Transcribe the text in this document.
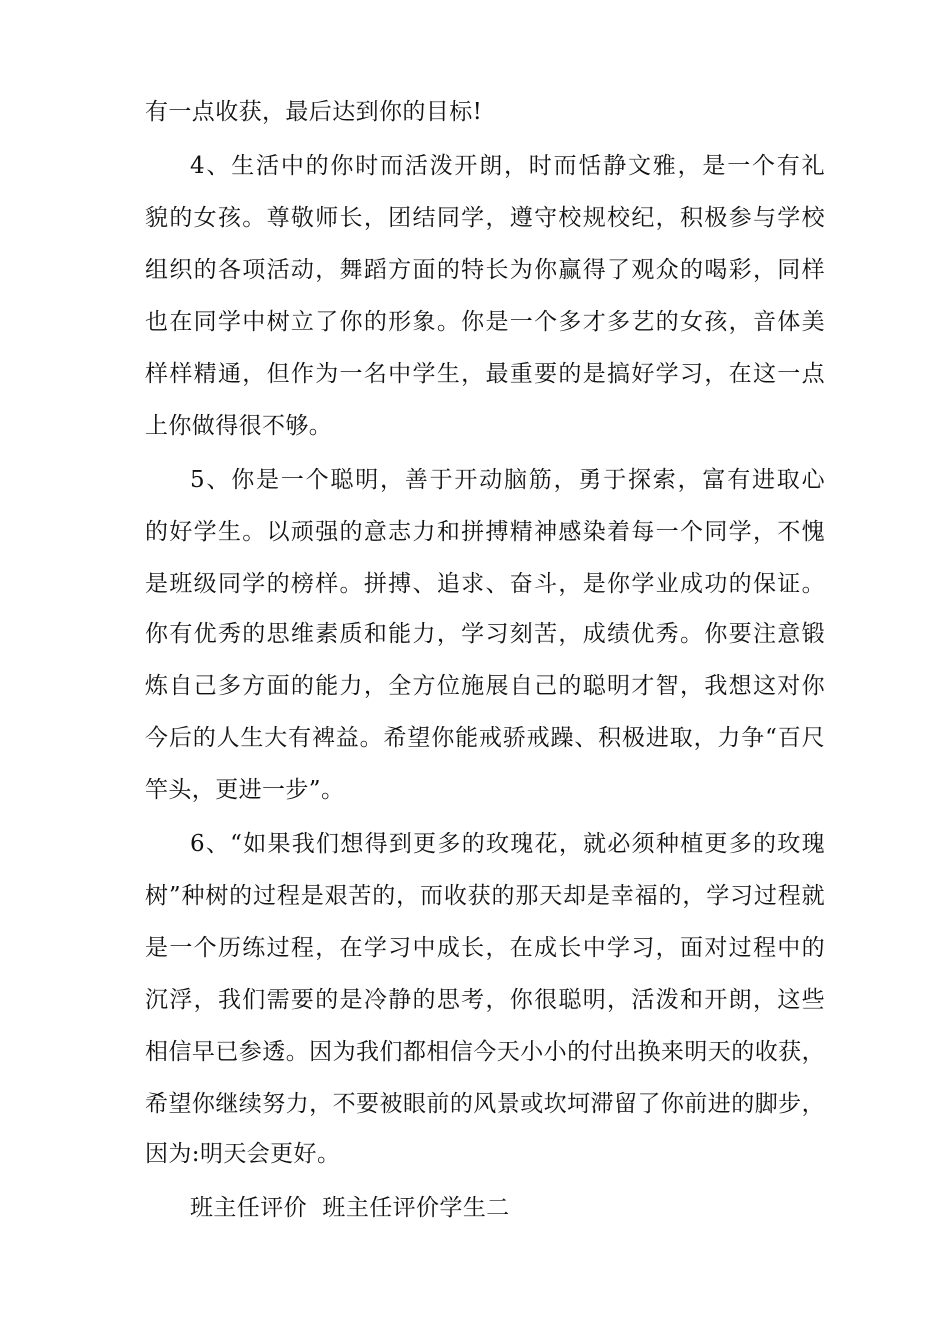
有一点收获，最后达到你的目标!
4、生活中的你时而活泼开朗，时而恬静文雅，是一个有礼
貌的女孩。尊敬师长，团结同学，遵守校规校纪，积极参与学校
组织的各项活动，舞蹈方面的特长为你赢得了观众的喝彩，同样
也在同学中树立了你的形象。你是一个多才多艺的女孩，音体美
样样精通，但作为一名中学生，最重要的是搞好学习，在这一点
上你做得很不够。
5、你是一个聪明，善于开动脑筋，勇于探索，富有进取心
的好学生。以顽强的意志力和拼搏精神感染着每一个同学，不愧
是班级同学的榜样。拼搏、追求、奋斗，是你学业成功的保证。
你有优秀的思维素质和能力，学习刻苦，成绩优秀。你要注意锻
炼自己多方面的能力，全方位施展自己的聪明才智，我想这对你
今后的人生大有裨益。希望你能戒骄戒躁、积极进取，力争“百尺
竿头，更进一步”。
6、“如果我们想得到更多的玫瑰花，就必须种植更多的玫瑰
树”种树的过程是艰苦的，而收获的那天却是幸福的，学习过程就
是一个历练过程，在学习中成长，在成长中学习，面对过程中的
沉浮，我们需要的是冷静的思考，你很聪明，活泼和开朗，这些
相信早已参透。因为我们都相信今天小小的付出换来明天的收获，
希望你继续努力，不要被眼前的风景或坎坷滞留了你前进的脚步，
因为:明天会更好。
班主任评价  班主任评价学生二
